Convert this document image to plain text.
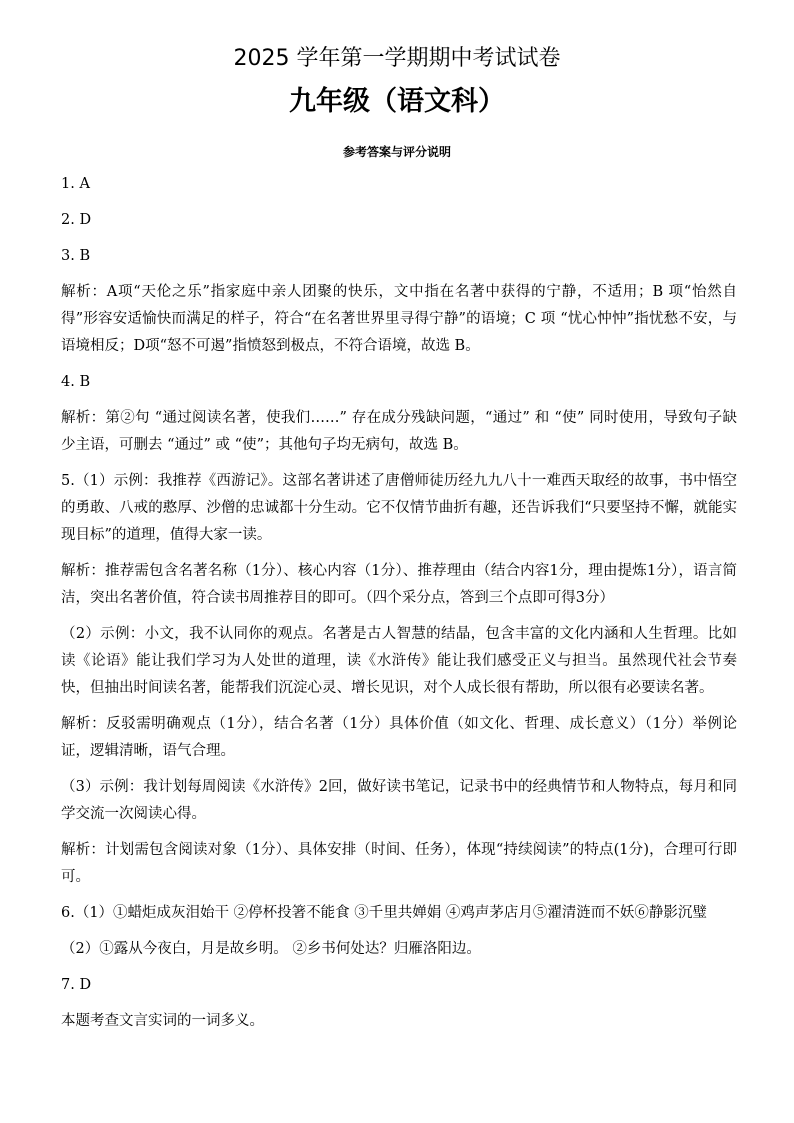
2025 学年第一学期期中考试试卷
九年级（语文科）
参考答案与评分说明

1. A

2. D

3. B

解析：A项“天伦之乐”指家庭中亲人团聚的快乐，文中指在名著中获得的宁静，不适用；B 项“怡然自得”形容安适愉快而满足的样子，符合“在名著世界里寻得宁静”的语境；C 项 “忧心忡忡”指忧愁不安，与语境相反；D项“怒不可遏”指愤怒到极点，不符合语境，故选 B。

4. B

解析：第②句 “通过阅读名著，使我们……” 存在成分残缺问题，“通过” 和 “使” 同时使用，导致句子缺少主语，可删去 “通过” 或 “使”；其他句子均无病句，故选 B。

5.（1）示例：我推荐《西游记》。这部名著讲述了唐僧师徒历经九九八十一难西天取经的故事，书中悟空的勇敢、八戒的憨厚、沙僧的忠诚都十分生动。它不仅情节曲折有趣，还告诉我们“只要坚持不懈，就能实现目标”的道理，值得大家一读。

解析：推荐需包含名著名称（1分）、核心内容（1分）、推荐理由（结合内容1分，理由提炼1分），语言简洁，突出名著价值，符合读书周推荐目的即可。（四个采分点，答到三个点即可得3分）

（2）示例：小文，我不认同你的观点。名著是古人智慧的结晶，包含丰富的文化内涵和人生哲理。比如读《论语》能让我们学习为人处世的道理，读《水浒传》能让我们感受正义与担当。虽然现代社会节奏快，但抽出时间读名著，能帮我们沉淀心灵、增长见识，对个人成长很有帮助，所以很有必要读名著。

解析：反驳需明确观点（1分），结合名著（1分）具体价值（如文化、哲理、成长意义）（1分）举例论证，逻辑清晰，语气合理。

（3）示例：我计划每周阅读《水浒传》2回，做好读书笔记，记录书中的经典情节和人物特点，每月和同学交流一次阅读心得。

解析：计划需包含阅读对象（1分）、具体安排（时间、任务），体现“持续阅读”的特点(1分)，合理可行即可。

6.（1）①蜡炬成灰泪始干 ②停杯投箸不能食 ③千里共婵娟 ④鸡声茅店月⑤濯清涟而不妖⑥静影沉璧

（2）①露从今夜白，月是故乡明。 ②乡书何处达？归雁洛阳边。

7. D

本题考查文言实词的一词多义。
